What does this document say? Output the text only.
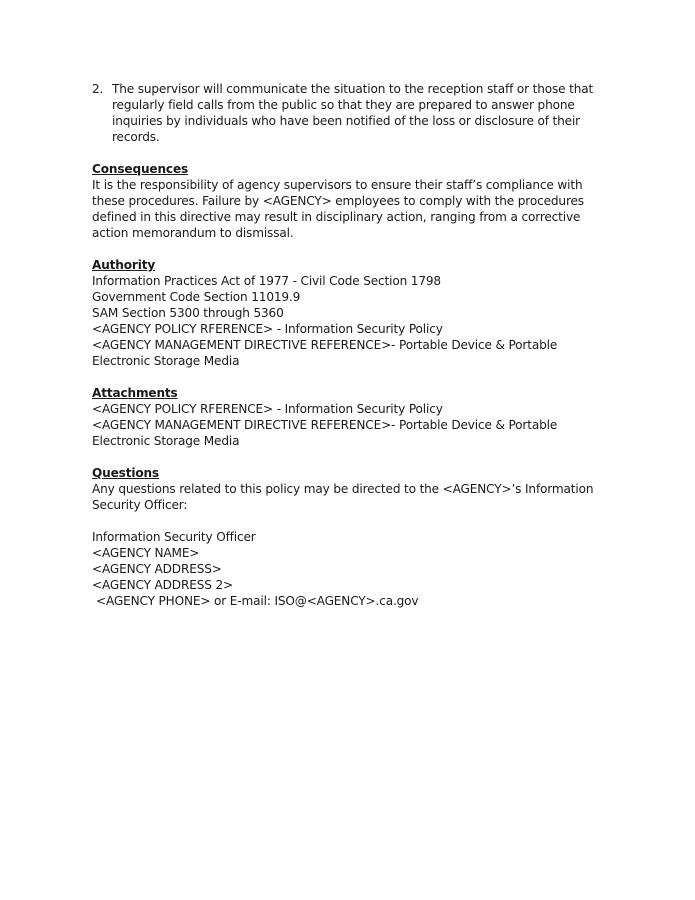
2. The supervisor will communicate the situation to the reception staff or those that
regularly field calls from the public so that they are prepared to answer phone
inquiries by individuals who have been notified of the loss or disclosure of their
records.
Consequences
It is the responsibility of agency supervisors to ensure their staff’s compliance with
these procedures. Failure by <AGENCY> employees to comply with the procedures
defined in this directive may result in disciplinary action, ranging from a corrective
action memorandum to dismissal.
Authority
Information Practices Act of 1977 - Civil Code Section 1798
Government Code Section 11019.9
SAM Section 5300 through 5360
<AGENCY POLICY RFERENCE> - Information Security Policy
<AGENCY MANAGEMENT DIRECTIVE REFERENCE>- Portable Device & Portable
Electronic Storage Media
Attachments
<AGENCY POLICY RFERENCE> - Information Security Policy
<AGENCY MANAGEMENT DIRECTIVE REFERENCE>- Portable Device & Portable
Electronic Storage Media
Questions
Any questions related to this policy may be directed to the <AGENCY>’s Information
Security Officer:
Information Security Officer
<AGENCY NAME>
<AGENCY ADDRESS>
<AGENCY ADDRESS 2>
<AGENCY PHONE> or E-mail: ISO@<AGENCY>.ca.gov
